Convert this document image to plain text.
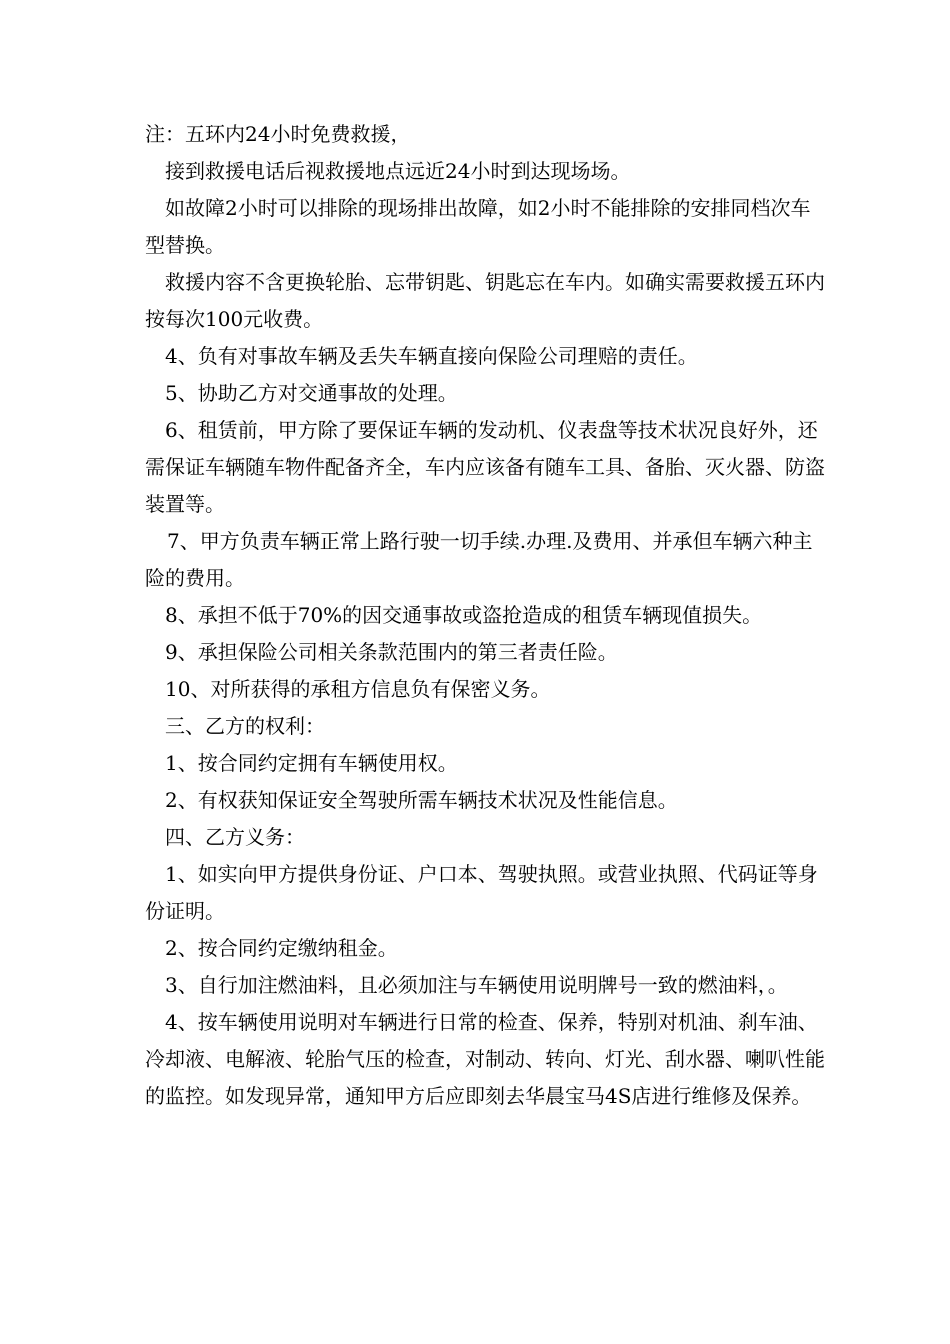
注：五环内24小时免费救援，

接到救援电话后视救援地点远近24小时到达现场场。

如故障2小时可以排除的现场排出故障，如2小时不能排除的安排同档次车型替换。

救援内容不含更换轮胎、忘带钥匙、钥匙忘在车内。如确实需要救援五环内按每次100元收费。

4、负有对事故车辆及丢失车辆直接向保险公司理赔的责任。

5、协助乙方对交通事故的处理。

6、租赁前，甲方除了要保证车辆的发动机、仪表盘等技术状况良好外，还需保证车辆随车物件配备齐全，车内应该备有随车工具、备胎、灭火器、防盗装置等。

7、甲方负责车辆正常上路行驶一切手续.办理.及费用、并承但车辆六种主险的费用。

8、承担不低于70%的因交通事故或盗抢造成的租赁车辆现值损失。

9、承担保险公司相关条款范围内的第三者责任险。

10、对所获得的承租方信息负有保密义务。

三、乙方的权利：

1、按合同约定拥有车辆使用权。

2、有权获知保证安全驾驶所需车辆技术状况及性能信息。

四、乙方义务：

1、如实向甲方提供身份证、户口本、驾驶执照。或营业执照、代码证等身份证明。

2、按合同约定缴纳租金。

3、自行加注燃油料，且必须加注与车辆使用说明牌号一致的燃油料，。

4、按车辆使用说明对车辆进行日常的检查、保养，特别对机油、刹车油、冷却液、电解液、轮胎气压的检查，对制动、转向、灯光、刮水器、喇叭性能的监控。如发现异常，通知甲方后应即刻去华晨宝马4S店进行维修及保养。
